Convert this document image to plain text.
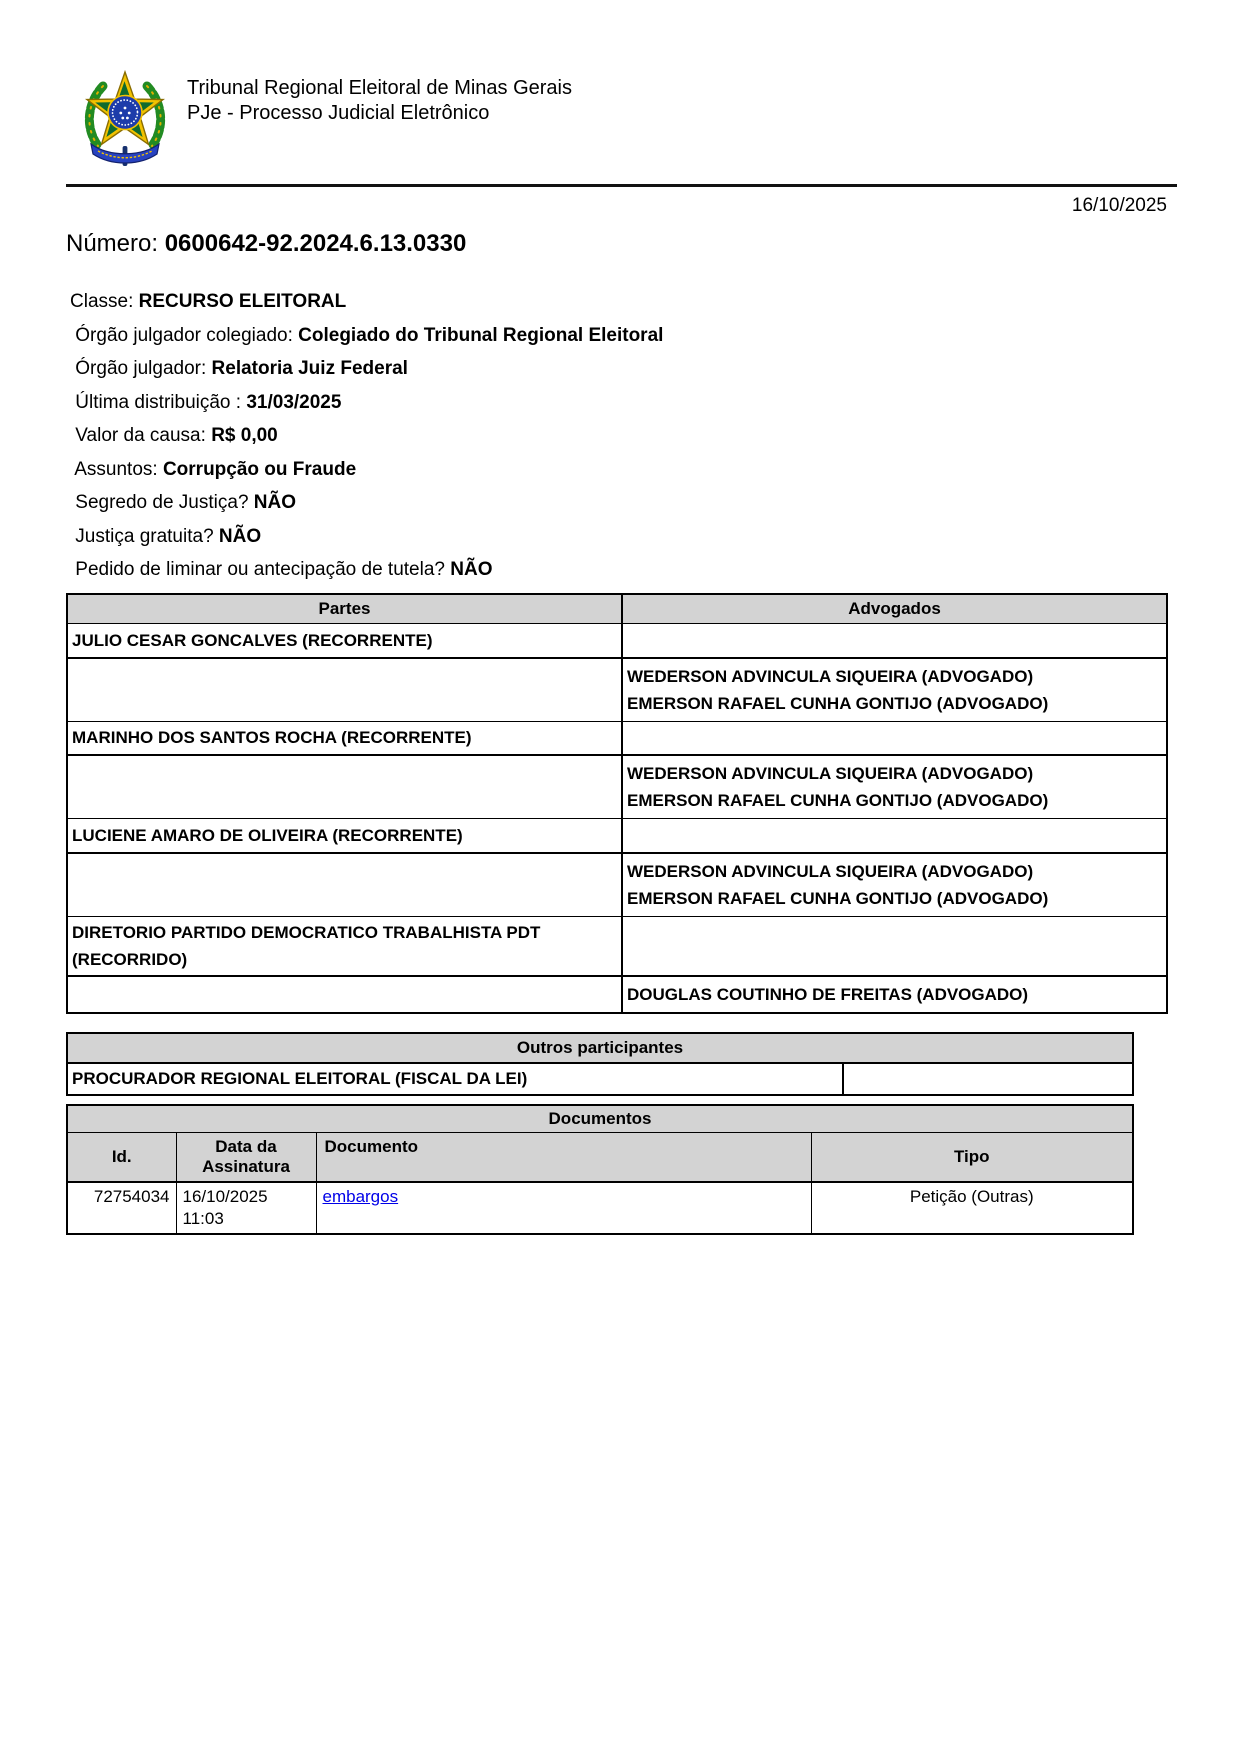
Tribunal Regional Eleitoral de Minas Gerais
PJe - Processo Judicial Eletrônico
16/10/2025
Número: 0600642-92.2024.6.13.0330
Classe: RECURSO ELEITORAL
Órgão julgador colegiado: Colegiado do Tribunal Regional Eleitoral
Órgão julgador: Relatoria Juiz Federal
Última distribuição : 31/03/2025
Valor da causa: R$ 0,00
Assuntos: Corrupção ou Fraude
Segredo de Justiça? NÃO
Justiça gratuita? NÃO
Pedido de liminar ou antecipação de tutela? NÃO
Partes	Advogados
JULIO CESAR GONCALVES (RECORRENTE)	

	WEDERSON ADVINCULA SIQUEIRA (ADVOGADO)
EMERSON RAFAEL CUNHA GONTIJO (ADVOGADO)

MARINHO DOS SANTOS ROCHA (RECORRENTE)	

	WEDERSON ADVINCULA SIQUEIRA (ADVOGADO)
EMERSON RAFAEL CUNHA GONTIJO (ADVOGADO)

LUCIENE AMARO DE OLIVEIRA (RECORRENTE)	

	WEDERSON ADVINCULA SIQUEIRA (ADVOGADO)
EMERSON RAFAEL CUNHA GONTIJO (ADVOGADO)

DIRETORIO PARTIDO DEMOCRATICO TRABALHISTA PDT (RECORRIDO)	

	DOUGLAS COUTINHO DE FREITAS (ADVOGADO)
Outros participantes
PROCURADOR REGIONAL ELEITORAL (FISCAL DA LEI)	
Documentos			
Id.	Data da Assinatura	Documento	Tipo
72754034	16/10/2025 11:03	embargos	Petição (Outras)
